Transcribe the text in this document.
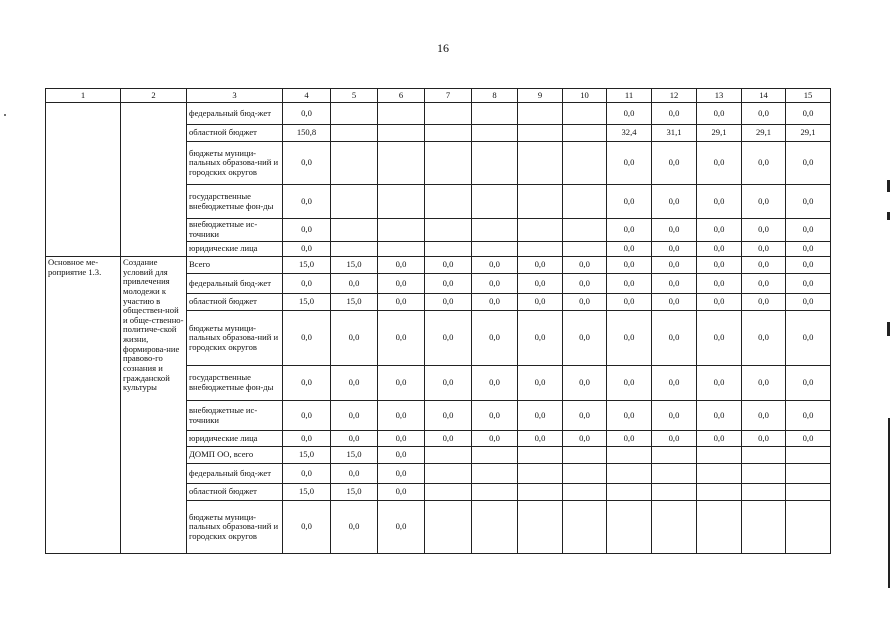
16
1	2	3	4	5	6	7	8	9	10	11	12	13	14	15
		федеральный бюд-жет	0,0							0,0	0,0	0,0	0,0	0,0
		областной бюджет	150,8							32,4	31,1	29,1	29,1	29,1
		бюджеты муници-пальных образова-ний и городских округов	0,0							0,0	0,0	0,0	0,0	0,0
		государственные внебюджетные фон-ды	0,0							0,0	0,0	0,0	0,0	0,0
		внебюджетные ис-точники	0,0							0,0	0,0	0,0	0,0	0,0
		юридические лица	0,0							0,0	0,0	0,0	0,0	0,0
Основное ме-роприятие 1.3.	Создание условий для привлечения молодежи к участию в обществен-ной и обще-ственно-политиче-ской жизни, формирова-ние правово-го сознания и гражданской культуры	Всего	15,0	15,0	0,0	0,0	0,0	0,0	0,0	0,0	0,0	0,0	0,0	0,0
		федеральный бюд-жет	0,0	0,0	0,0	0,0	0,0	0,0	0,0	0,0	0,0	0,0	0,0	0,0
		областной бюджет	15,0	15,0	0,0	0,0	0,0	0,0	0,0	0,0	0,0	0,0	0,0	0,0
		бюджеты муници-пальных образова-ний и городских округов	0,0	0,0	0,0	0,0	0,0	0,0	0,0	0,0	0,0	0,0	0,0	0,0
		государственные внебюджетные фон-ды	0,0	0,0	0,0	0,0	0,0	0,0	0,0	0,0	0,0	0,0	0,0	0,0
		внебюджетные ис-точники	0,0	0,0	0,0	0,0	0,0	0,0	0,0	0,0	0,0	0,0	0,0	0,0
		юридические лица	0,0	0,0	0,0	0,0	0,0	0,0	0,0	0,0	0,0	0,0	0,0	0,0
		ДОМП ОО, всего	15,0	15,0	0,0									
		федеральный бюд-жет	0,0	0,0	0,0									
		областной бюджет	15,0	15,0	0,0									
		бюджеты муници-пальных образова-ний и городских округов	0,0	0,0	0,0									
